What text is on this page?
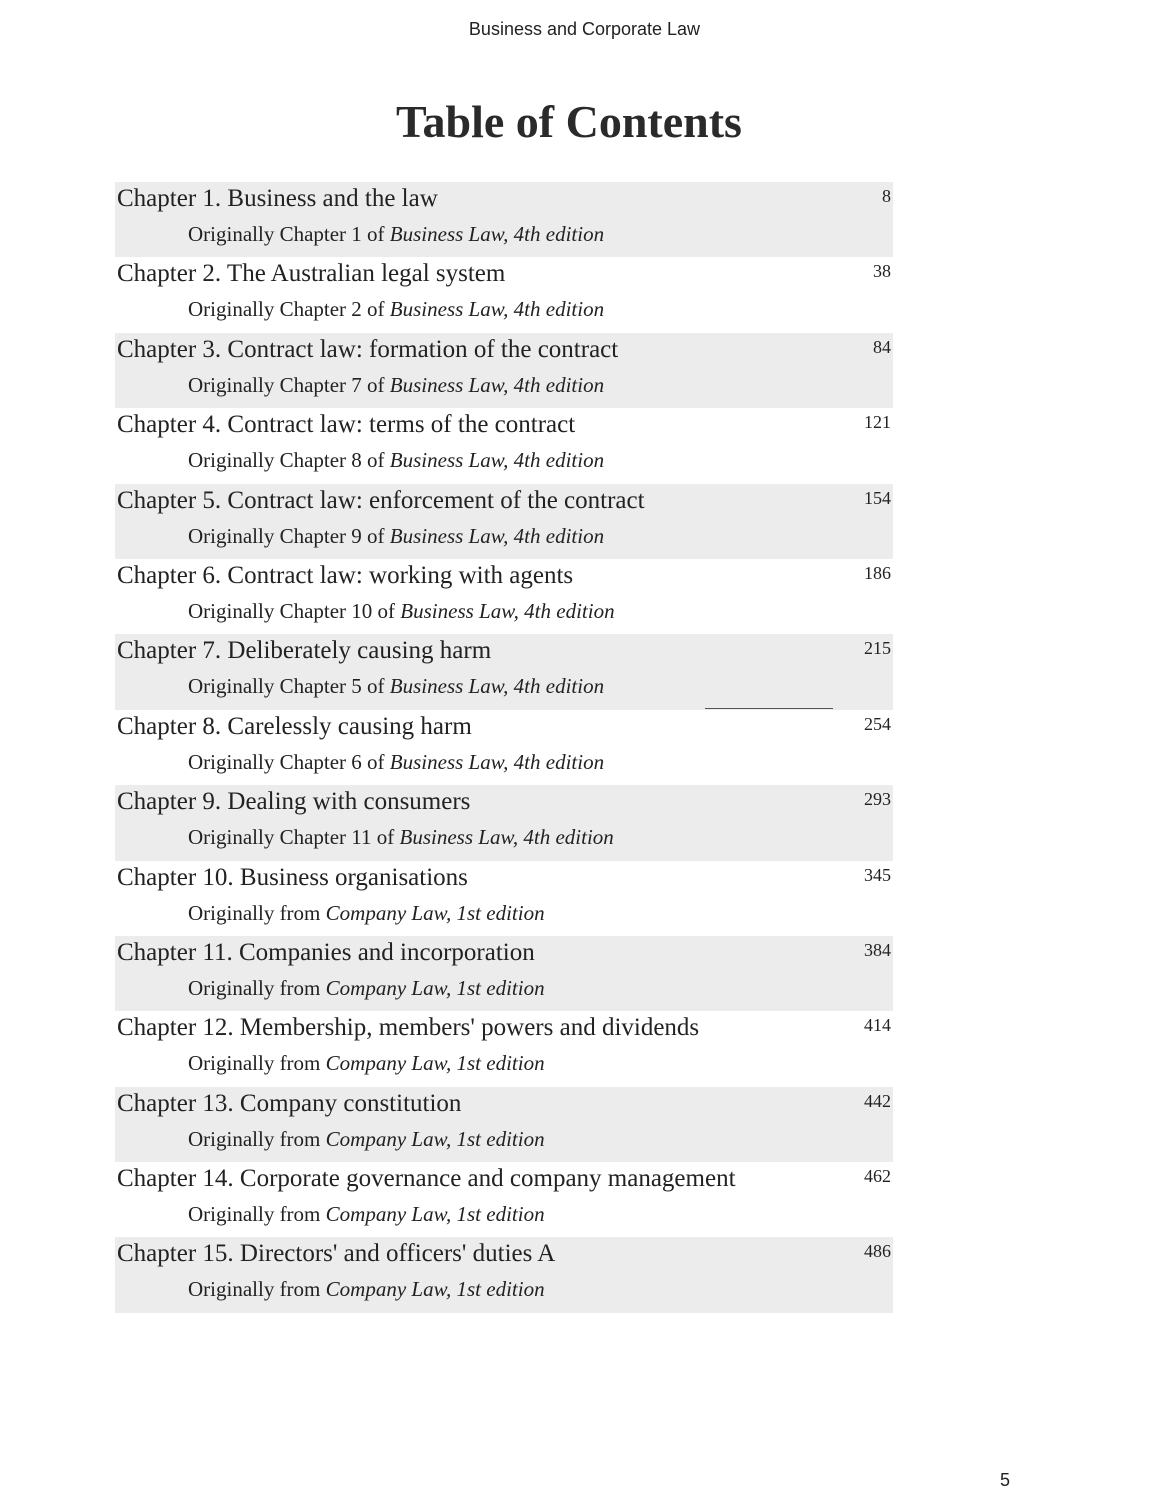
Business and Corporate Law
Table of Contents
Chapter 1. Business and the law
Originally Chapter 1 of Business Law, 4th edition
8
Chapter 2. The Australian legal system
Originally Chapter 2 of Business Law, 4th edition
38
Chapter 3. Contract law: formation of the contract
Originally Chapter 7 of Business Law, 4th edition
84
Chapter 4. Contract law: terms of the contract
Originally Chapter 8 of Business Law, 4th edition
121
Chapter 5. Contract law: enforcement of the contract
Originally Chapter 9 of Business Law, 4th edition
154
Chapter 6. Contract law: working with agents
Originally Chapter 10 of Business Law, 4th edition
186
Chapter 7. Deliberately causing harm
Originally Chapter 5 of Business Law, 4th edition
215
Chapter 8. Carelessly causing harm
Originally Chapter 6 of Business Law, 4th edition
254
Chapter 9. Dealing with consumers
Originally Chapter 11 of Business Law, 4th edition
293
Chapter 10. Business organisations
Originally from Company Law, 1st edition
345
Chapter 11. Companies and incorporation
Originally from Company Law, 1st edition
384
Chapter 12. Membership, members' powers and dividends
Originally from Company Law, 1st edition
414
Chapter 13. Company constitution
Originally from Company Law, 1st edition
442
Chapter 14. Corporate governance and company management
Originally from Company Law, 1st edition
462
Chapter 15. Directors' and officers' duties A
Originally from Company Law, 1st edition
486
5
